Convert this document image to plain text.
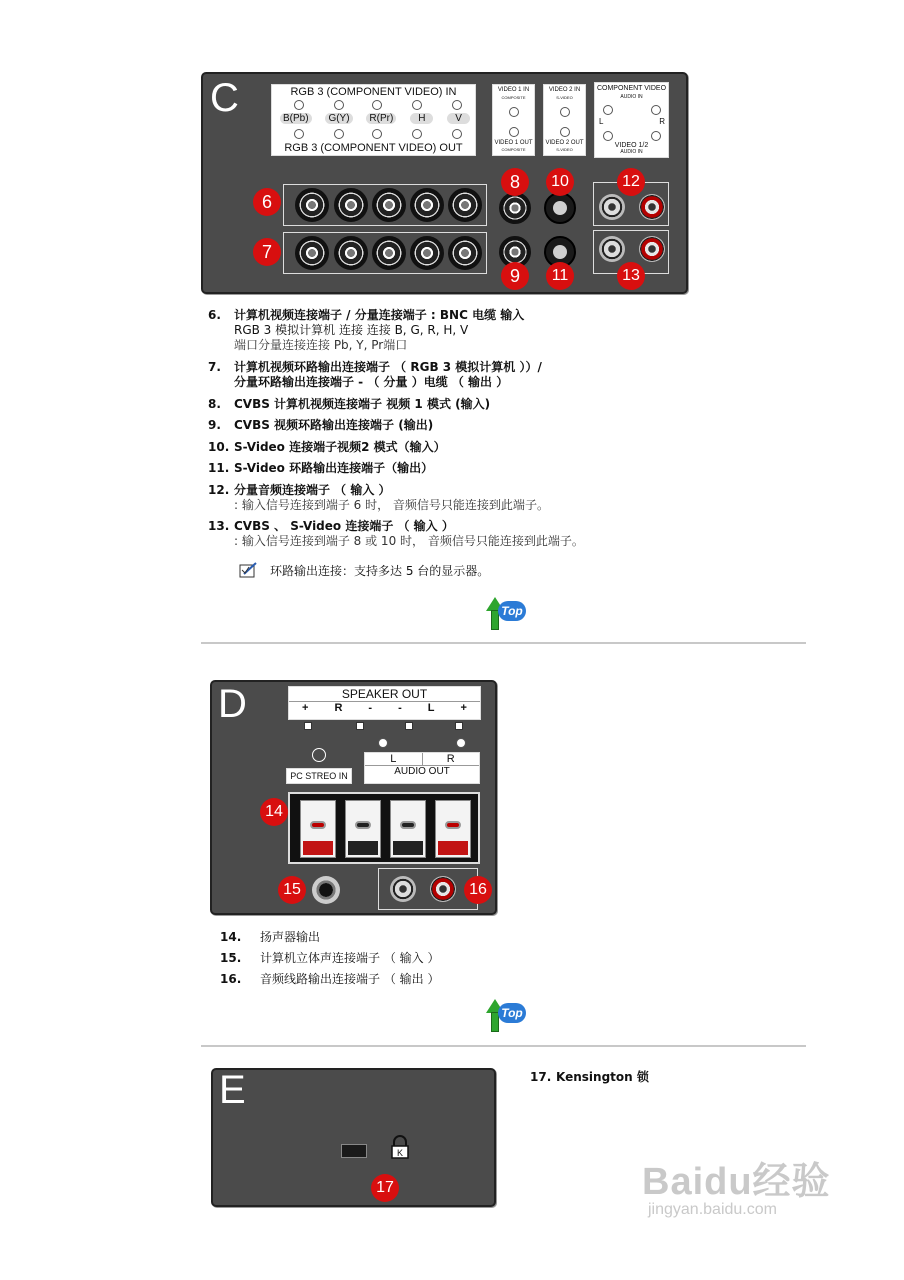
C	RGB 3 (COMPONENT VIDEO) IN
B(Pb)	G(Y)	R(Pr)	H	V
RGB 3 (COMPONENT VIDEO) OUT
VIDEO 1 IN
COMPOSITE
VIDEO 1 OUT
COMPOSITE
VIDEO 2 IN
S-VIDEO
VIDEO 2 OUT
S-VIDEO
COMPONENT VIDEO
AUDIO IN
L	R
VIDEO 1/2
AUDIO IN
6
7
8
9
10
11
12
13
6. 计算机视频连接端子 / 分量连接端子 : BNC 电缆 输入
RGB 3 模拟计算机 连接 连接 B, G, R, H, V
端口分量连接连接 Pb, Y, Pr端口
7. 计算机视频环路输出连接端子 （ RGB 3 模拟计算机 ））/
分量环路输出连接端子 - （ 分量 ）电缆 （ 输出 ）
8. CVBS 计算机视频连接端子 视频 1 模式 (输入)
9. CVBS 视频环路输出连接端子 (输出)
10. S-Video 连接端子视频2 模式（输入）
11. S-Video 环路输出连接端子（输出）
12. 分量音频连接端子 （ 输入 ）
: 输入信号连接到端子 6 时， 音频信号只能连接到此端子。
13. CVBS 、 S-Video 连接端子 （ 输入 ）
: 输入信号连接到端子 8 或 10 时， 音频信号只能连接到此端子。
环路输出连接：支持多达 5 台的显示器。
Top
D	SPEAKER OUT
+ R - - L +
PC STREO IN
L	R
AUDIO OUT
14
15	16
14. 扬声器输出
15. 计算机立体声连接端子 （ 输入 ）
16. 音频线路输出连接端子 （ 输出 ）
Top
E
K
17
17. Kensington 锁
Baidu经验
jingyan.baidu.com
